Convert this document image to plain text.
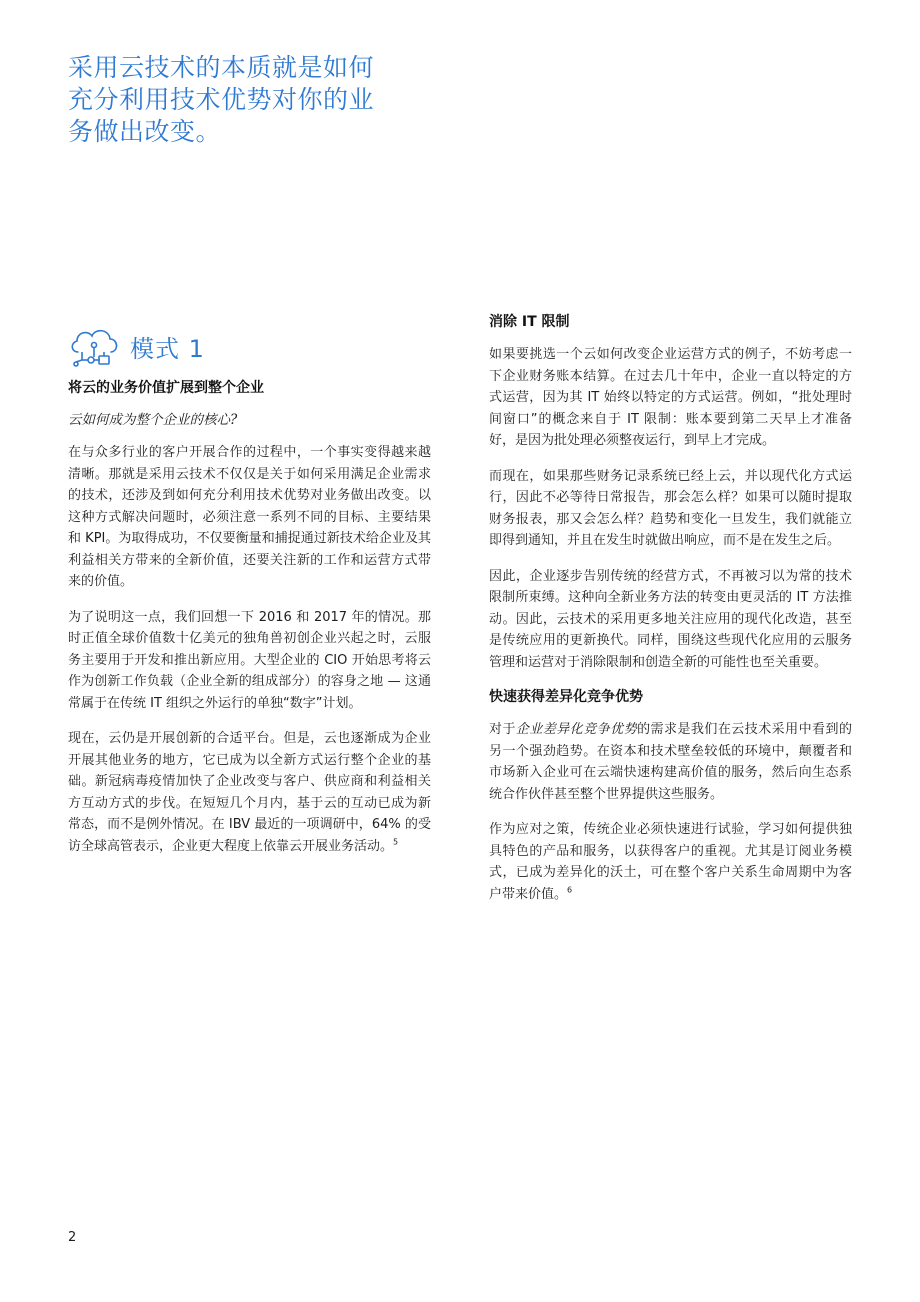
采用云技术的本质就是如何充分利用技术优势对你的业务做出改变。
模式 1
将云的业务价值扩展到整个企业
云如何成为整个企业的核心?

在与众多行业的客户开展合作的过程中，一个事实变得越来越清晰。那就是采用云技术不仅仅是关于如何采用满足企业需求的技术，还涉及到如何充分利用技术优势对业务做出改变。以这种方式解决问题时，必须注意一系列不同的目标、主要结果和 KPI。为取得成功，不仅要衡量和捕捉通过新技术给企业及其利益相关方带来的全新价值，还要关注新的工作和运营方式带来的价值。

为了说明这一点，我们回想一下 2016 和 2017 年的情况。那时正值全球价值数十亿美元的独角兽初创企业兴起之时，云服务主要用于开发和推出新应用。大型企业的 CIO 开始思考将云作为创新工作负载（企业全新的组成部分）的容身之地 — 这通常属于在传统 IT 组织之外运行的单独“数字”计划。

现在，云仍是开展创新的合适平台。但是，云也逐渐成为企业开展其他业务的地方，它已成为以全新方式运行整个企业的基础。新冠病毒疫情加快了企业改变与客户、供应商和利益相关方互动方式的步伐。在短短几个月内，基于云的互动已成为新常态，而不是例外情况。在 IBV 最近的一项调研中，64% 的受访全球高管表示，企业更大程度上依靠云开展业务活动。$^5$

消除 IT 限制

如果要挑选一个云如何改变企业运营方式的例子，不妨考虑一下企业财务账本结算。在过去几十年中，企业一直以特定的方式运营，因为其 IT 始终以特定的方式运营。例如，“批处理时间窗口”的概念来自于 IT 限制：账本要到第二天早上才准备好，是因为批处理必须整夜运行，到早上才完成。

而现在，如果那些财务记录系统已经上云，并以现代化方式运行，因此不必等待日常报告，那会怎么样？如果可以随时提取财务报表，那又会怎么样？趋势和变化一旦发生，我们就能立即得到通知，并且在发生时就做出响应，而不是在发生之后。

因此，企业逐步告别传统的经营方式，不再被习以为常的技术限制所束缚。这种向全新业务方法的转变由更灵活的 IT 方法推动。因此，云技术的采用更多地关注应用的现代化改造，甚至是传统应用的更新换代。同样，围绕这些现代化应用的云服务管理和运营对于消除限制和创造全新的可能性也至关重要。

快速获得差异化竞争优势

对于企业差异化竞争优势的需求是我们在云技术采用中看到的另一个强劲趋势。在资本和技术壁垒较低的环境中，颠覆者和市场新入企业可在云端快速构建高价值的服务，然后向生态系统合作伙伴甚至整个世界提供这些服务。

作为应对之策，传统企业必须快速进行试验，学习如何提供独具特色的产品和服务，以获得客户的重视。尤其是订阅业务模式，已成为差异化的沃土，可在整个客户关系生命周期中为客户带来价值。$^6$

2
